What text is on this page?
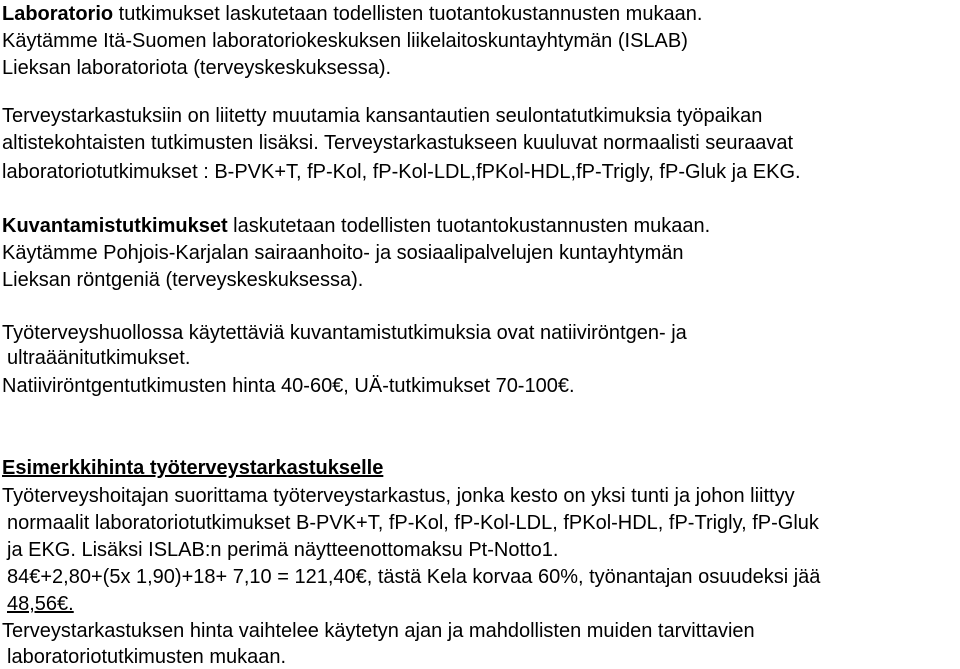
Laboratorio tutkimukset laskutetaan todellisten tuotantokustannusten mukaan.
Käytämme Itä-Suomen laboratoriokeskuksen liikelaitoskuntayhtymän (ISLAB)
Lieksan laboratoriota (terveyskeskuksessa).
Terveystarkastuksiin on liitetty muutamia kansantautien seulontatutkimuksia työpaikan
altistekohtaisten tutkimusten lisäksi. Terveystarkastukseen kuuluvat normaalisti seuraavat
laboratoriotutkimukset : B-PVK+T, fP-Kol, fP-Kol-LDL,fPKol-HDL,fP-Trigly, fP-Gluk ja EKG.
Kuvantamistutkimukset laskutetaan todellisten tuotantokustannusten mukaan.
Käytämme Pohjois-Karjalan sairaanhoito- ja sosiaalipalvelujen kuntayhtymän
Lieksan röntgeniä (terveyskeskuksessa).
Työterveyshuollossa käytettäviä kuvantamistutkimuksia ovat natiiviröntgen- ja
ultraäänitutkimukset.
Natiiviröntgentutkimusten hinta 40-60€, UÄ-tutkimukset 70-100€.
Esimerkkihinta työterveystarkastukselle
Työterveyshoitajan suorittama työterveystarkastus, jonka kesto on yksi tunti ja johon liittyy
normaalit laboratoriotutkimukset B-PVK+T, fP-Kol, fP-Kol-LDL, fPKol-HDL, fP-Trigly, fP-Gluk
ja EKG. Lisäksi ISLAB:n perimä näytteenottomaksu Pt-Notto1.
84€+2,80+(5x 1,90)+18+ 7,10 = 121,40€, tästä Kela korvaa 60%, työnantajan osuudeksi jää
48,56€.
Terveystarkastuksen hinta vaihtelee käytetyn ajan ja mahdollisten muiden tarvittavien
laboratoriotutkimusten mukaan.
